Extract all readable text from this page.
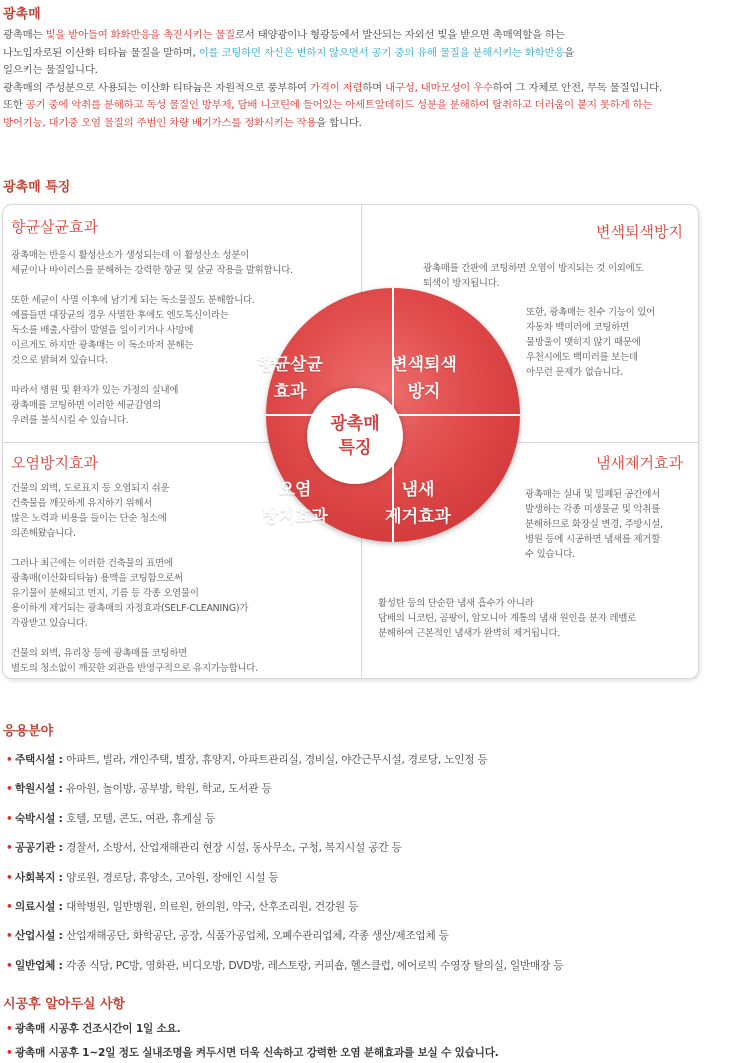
광촉매
광촉매는 빛을 받아들여 화화반응을 촉진시키는 물질로서 태양광이나 형광등에서 발산되는 자외선 빛을 받으면 촉매역할을 하는
나노입자로된 이산화 티타늄 물질을 말하며, 이를 코팅하면 자신은 변하지 않으면서 공기 중의 유해 물질을 분해시키는 화학반응을
일으키는 물질입니다.
광촉매의 주성분으로 사용되는 이산화 티타늄은 자원적으로 풍부하여 가격이 저렴하며 내구성, 내마모성이 우수하여 그 자체로 안전, 무독 물질입니다.
또한 공기 중에 악취를 분해하고 독성 물질인 방부제, 담배 니코틴에 들어있는 아세트알데히드 성분을 분해하여 탈취하고 더러움이 붙지 못하게 하는
방어기능, 대기중 오염 물질의 주범인 차량 배기가스를 정화시키는 작용을 합니다.
광촉매 특징
향균살균효과

광촉매는 반응시 활성산소가 생성되는데 이 활성산소 성분이
세균이나 바이러스를 분해하는 강력한 향균 및 살균 작용을 발휘합니다.

또한 세균이 사멸 이후에 남기게 되는 독소물질도 분해합니다.
예를들면 대장균의 경우 사멸한 후에도 엔도톡신이라는
독소를 배출,사람이 발열을 일이키거나 사망에
이르게도 하지만 광촉매는 이 독소마저 분해는
것으로 밝혀져 있습니다.

따라서 병원 및 환자가 있는 가정의 실내에
광촉매를 코팅하면 이러한 세균감염의
우려를 불식시킬 수 있습니다.

변색퇴색방지

광촉매를 간판에 코팅하면 오염이 방지되는 것 이외에도
퇴색이 방지됩니다.

또한, 광촉매는 친수 기능이 있어
자동차 백미러에 코팅하면
물방울이 맺히지 않기 때문에
우천시에도 백미러를 보는데
아무런 문제가 없습니다.

오염방지효과

건물의 외벽, 도로표지 등 오염되지 쉬운
건축물을 깨끗하게 유지하기 위해서
많은 노력과 비용을 들이는 단순 청소에
의존해왔습니다.

그러나 최근에는 이러한 건축물의 표면에
광촉매(이산화티타늄) 용액을 코팅함으로써
유기물이 분해되고 먼지, 기름 등 각종 오염물이
용이하게 제거되는 광촉매의 자정효과(SELF-CLEANING)가
각광받고 있습니다.

건물의 외벽, 유리창 등에 광촉매를 코팅하면
별도의 청소없이 깨끗한 외관을 반영구적으로 유지가능합니다.

냄새제거효과

광촉매는 실내 및 밀폐된 공간에서
발생하는 각종 미생물균 및 악취를
분해하므로 화장실 변경, 주방시설,
병원 등에 시공하면 냄새를 제거할
수 있습니다.

활성탄 등의 단순한 냄새 흡수가 아니라
담배의 니코틴, 곰팡이, 암모니아 계통의 냄새 원인을 분자 레벨로
분해하여 근본적인 냄새가 완벽히 제거됩니다.

향균살균
효과
변색퇴색
방지
오염
방지효과
냄새
제거효과
광촉매
특징
응용분야
• 주택시설 : 아파트, 빌라, 개인주택, 별장, 휴양지, 아파트관리실, 경비실, 야간근무시설, 경로당, 노인정 등
• 학원시설 : 유아원, 놀이방, 공부방, 학원, 학교, 도서관 등
• 숙박시설 : 호텔, 모텔, 콘도, 여관, 휴게실 등
• 공공기관 : 경찰서, 소방서, 산업재해관리 현장 시설, 동사무소, 구청, 복지시설 공간 등
• 사회복지 : 양로원, 경로당, 휴양소, 고아원, 장애인 시설 등
• 의료시설 : 대학병원, 일반병원, 의료원, 한의원, 약국, 산후조리원, 건강원 등
• 산업시설 : 산업재해공단, 화학공단, 공장, 식품가공업체, 오폐수관리업체, 각종 생산/제조업체 등
• 일반업체 : 각종 식당, PC방, 영화관, 비디오방, DVD방, 레스토랑, 커피숍, 헬스클럽, 에어로빅 수영장 탈의실, 일반매장 등
시공후 알아두실 사항
• 광촉매 시공후 건조시간이 1일 소요.
• 광촉매 시공후 1~2일 정도 실내조명을 켜두시면 더욱 신속하고 강력한 오염 분해효과를 보실 수 있습니다.
